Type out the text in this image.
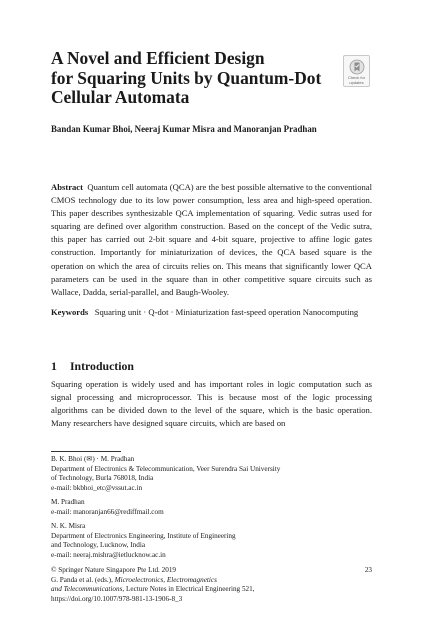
A Novel and Efficient Design
for Squaring Units by Quantum-Dot
Cellular Automata
Check for
updates
Bandan Kumar Bhoi, Neeraj Kumar Misra and Manoranjan Pradhan
Abstract Quantum cell automata (QCA) are the best possible alternative to the conventional CMOS technology due to its low power consumption, less area and high-speed operation. This paper describes synthesizable QCA implementation of squaring. Vedic sutras used for squaring are defined over algorithm construction. Based on the concept of the Vedic sutra, this paper has carried out 2-bit square and 4-bit square, projective to affine logic gates construction. Importantly for miniaturization of devices, the QCA based square is the operation on which the area of circuits relies on. This means that significantly lower QCA parameters can be used in the square than in other competitive square circuits such as Wallace, Dadda, serial-parallel, and Baugh-Wooley.
Keywords Squaring unit · Q-dot · Miniaturization fast-speed operation Nanocomputing
1 Introduction
Squaring operation is widely used and has important roles in logic computation such as signal processing and microprocessor. This is because most of the logic processing algorithms can be divided down to the level of the square, which is the basic operation. Many researchers have designed square circuits, which are based on
B. K. Bhoi (✉) · M. Pradhan
Department of Electronics & Telecommunication, Veer Surendra Sai University
of Technology, Burla 768018, India
e-mail: bkbhoi_etc@vssut.ac.in
M. Pradhan
e-mail: manoranjan66@rediffmail.com
N. K. Misra
Department of Electronics Engineering, Institute of Engineering
and Technology, Lucknow, India
e-mail: neeraj.mishra@ietlucknow.ac.in
© Springer Nature Singapore Pte Ltd. 2019
G. Panda et al. (eds.), Microelectronics, Electromagnetics
and Telecommunications, Lecture Notes in Electrical Engineering 521,
https://doi.org/10.1007/978-981-13-1906-8_3
23
